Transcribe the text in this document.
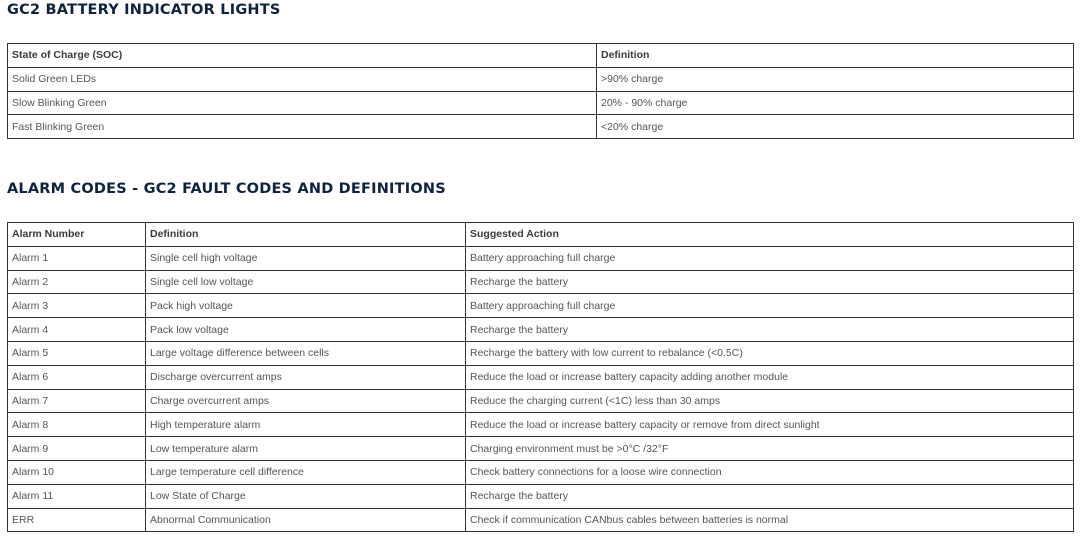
GC2 BATTERY INDICATOR LIGHTS
State of Charge (SOC)	Definition
Solid Green LEDs	>90% charge
Slow Blinking Green	20% - 90% charge
Fast Blinking Green	<20% charge
ALARM CODES - GC2 FAULT CODES AND DEFINITIONS
Alarm Number	Definition	Suggested Action
Alarm 1	Single cell high voltage	Battery approaching full charge
Alarm 2	Single cell low voltage	Recharge the battery
Alarm 3	Pack high voltage	Battery approaching full charge
Alarm 4	Pack low voltage	Recharge the battery
Alarm 5	Large voltage difference between cells	Recharge the battery with low current to rebalance (<0.5C)
Alarm 6	Discharge overcurrent amps	Reduce the load or increase battery capacity adding another module
Alarm 7	Charge overcurrent amps	Reduce the charging current (<1C) less than 30 amps
Alarm 8	High temperature alarm	Reduce the load or increase battery capacity or remove from direct sunlight
Alarm 9	Low temperature alarm	Charging environment must be >0°C /32°F
Alarm 10	Large temperature cell difference	Check battery connections for a loose wire connection
Alarm 11	Low State of Charge	Recharge the battery
ERR	Abnormal Communication	Check if communication CANbus cables between batteries is normal
